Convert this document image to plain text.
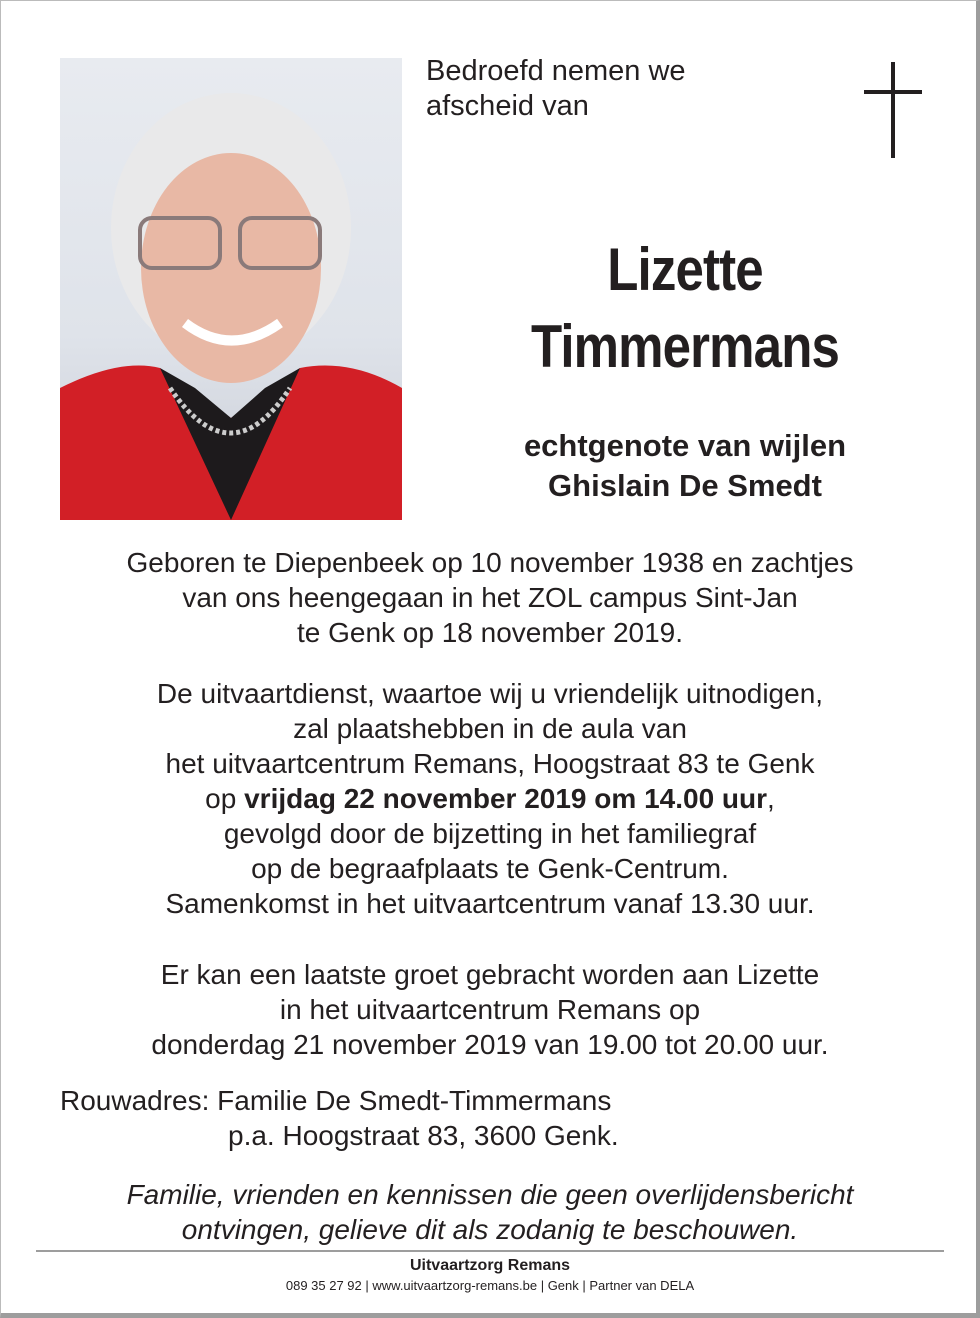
Bedroefd nemen we
afscheid van
Lizette
Timmermans
echtgenote van wijlen
Ghislain De Smedt
Geboren te Diepenbeek op 10 november 1938 en zachtjes
van ons heengegaan in het ZOL campus Sint-Jan
te Genk op 18 november 2019.
De uitvaartdienst, waartoe wij u vriendelijk uitnodigen,
zal plaatshebben in de aula van
het uitvaartcentrum Remans, Hoogstraat 83 te Genk
op vrijdag 22 november 2019 om 14.00 uur,
gevolgd door de bijzetting in het familiegraf
op de begraafplaats te Genk-Centrum.
Samenkomst in het uitvaartcentrum vanaf 13.30 uur.
Er kan een laatste groet gebracht worden aan Lizette
in het uitvaartcentrum Remans op
donderdag 21 november 2019 van 19.00 tot 20.00 uur.
Rouwadres: Familie De Smedt-Timmermans
p.a. Hoogstraat 83, 3600 Genk.
Familie, vrienden en kennissen die geen overlijdensbericht
ontvingen, gelieve dit als zodanig te beschouwen.
Uitvaartzorg Remans
089 35 27 92 | www.uitvaartzorg-remans.be | Genk | Partner van DELA
